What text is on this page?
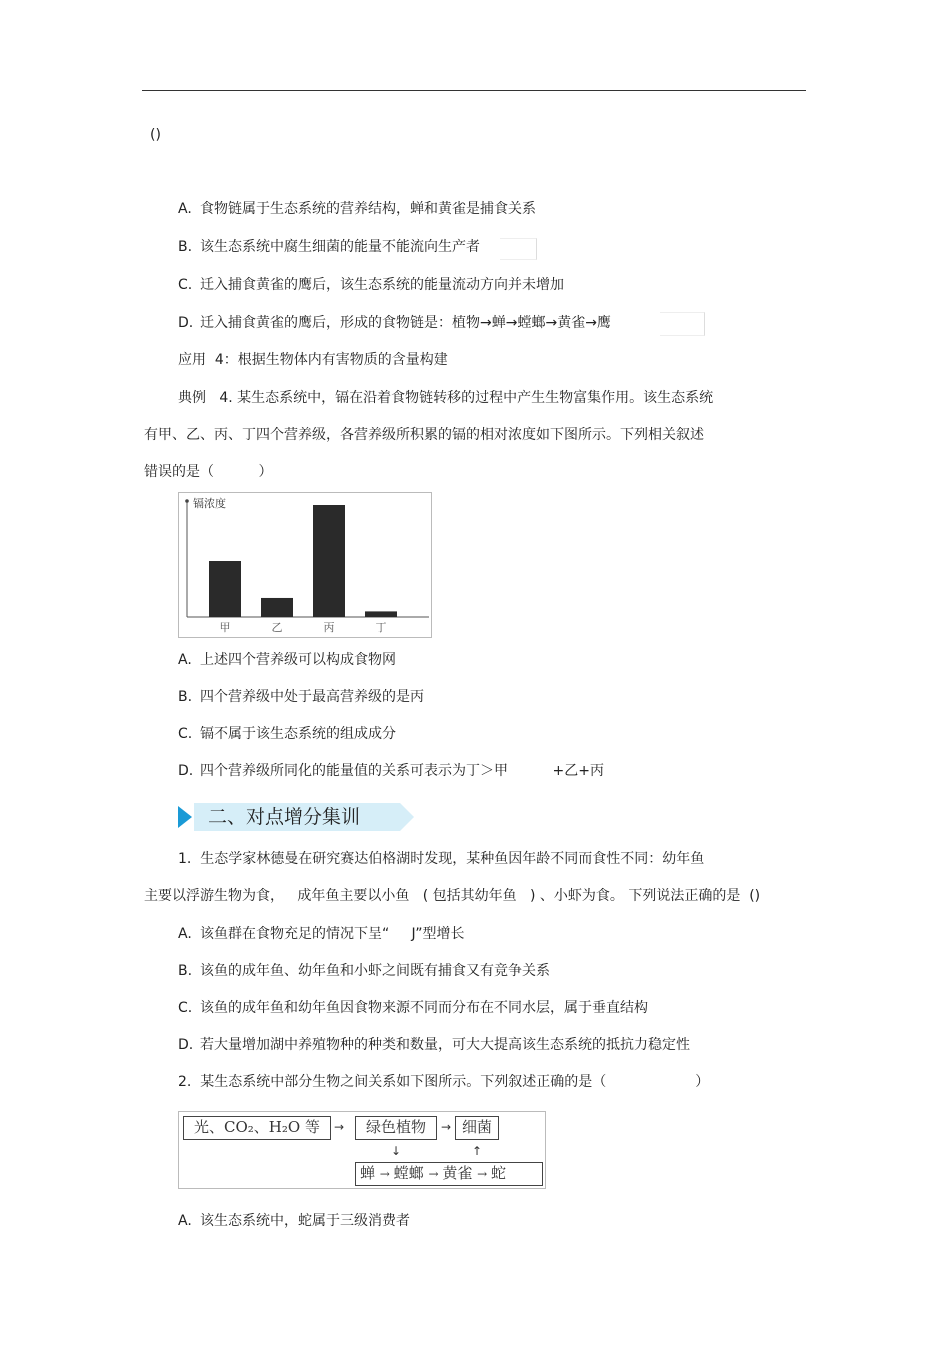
()
A. 食物链属于生态系统的营养结构，蝉和黄雀是捕食关系
B. 该生态系统中腐生细菌的能量不能流向生产者
C. 迁入捕食黄雀的鹰后，该生态系统的能量流动方向并未增加
D. 迁入捕食黄雀的鹰后，形成的食物链是：植物→蝉→螳螂→黄雀→鹰
应用  4：根据生物体内有害物质的含量构建
典例   4. 某生态系统中，镉在沿着食物链转移的过程中产生生物富集作用。该生态系统
有甲、乙、丙、丁四个营养级，各营养级所积累的镉的相对浓度如下图所示。下列相关叙述
错误的是（          ）
镉浓度
甲	乙	丙	丁
A. 上述四个营养级可以构成食物网
B. 四个营养级中处于最高营养级的是丙
C. 镉不属于该生态系统的组成成分
D. 四个营养级所同化的能量值的关系可表示为丁＞甲          +乙+丙
二、对点增分集训
1.  生态学家林德曼在研究赛达伯格湖时发现，某种鱼因年龄不同而食性不同：幼年鱼
主要以浮游生物为食，   成年鱼主要以小鱼   ( 包括其幼年鱼   ) 、小虾为食。 下列说法正确的是  ()
A. 该鱼群在食物充足的情况下呈“     J”型增长
B. 该鱼的成年鱼、幼年鱼和小虾之间既有捕食又有竞争关系
C. 该鱼的成年鱼和幼年鱼因食物来源不同而分布在不同水层，属于垂直结构
D. 若大量增加湖中养殖物种的种类和数量，可大大提高该生态系统的抵抗力稳定性
2.  某生态系统中部分生物之间关系如下图所示。下列叙述正确的是（                    ）
光、CO₂、H₂O 等	→	绿色植物	→ 细菌
↓	↑
蝉 → 螳螂 → 黄雀 → 蛇
A. 该生态系统中，蛇属于三级消费者
